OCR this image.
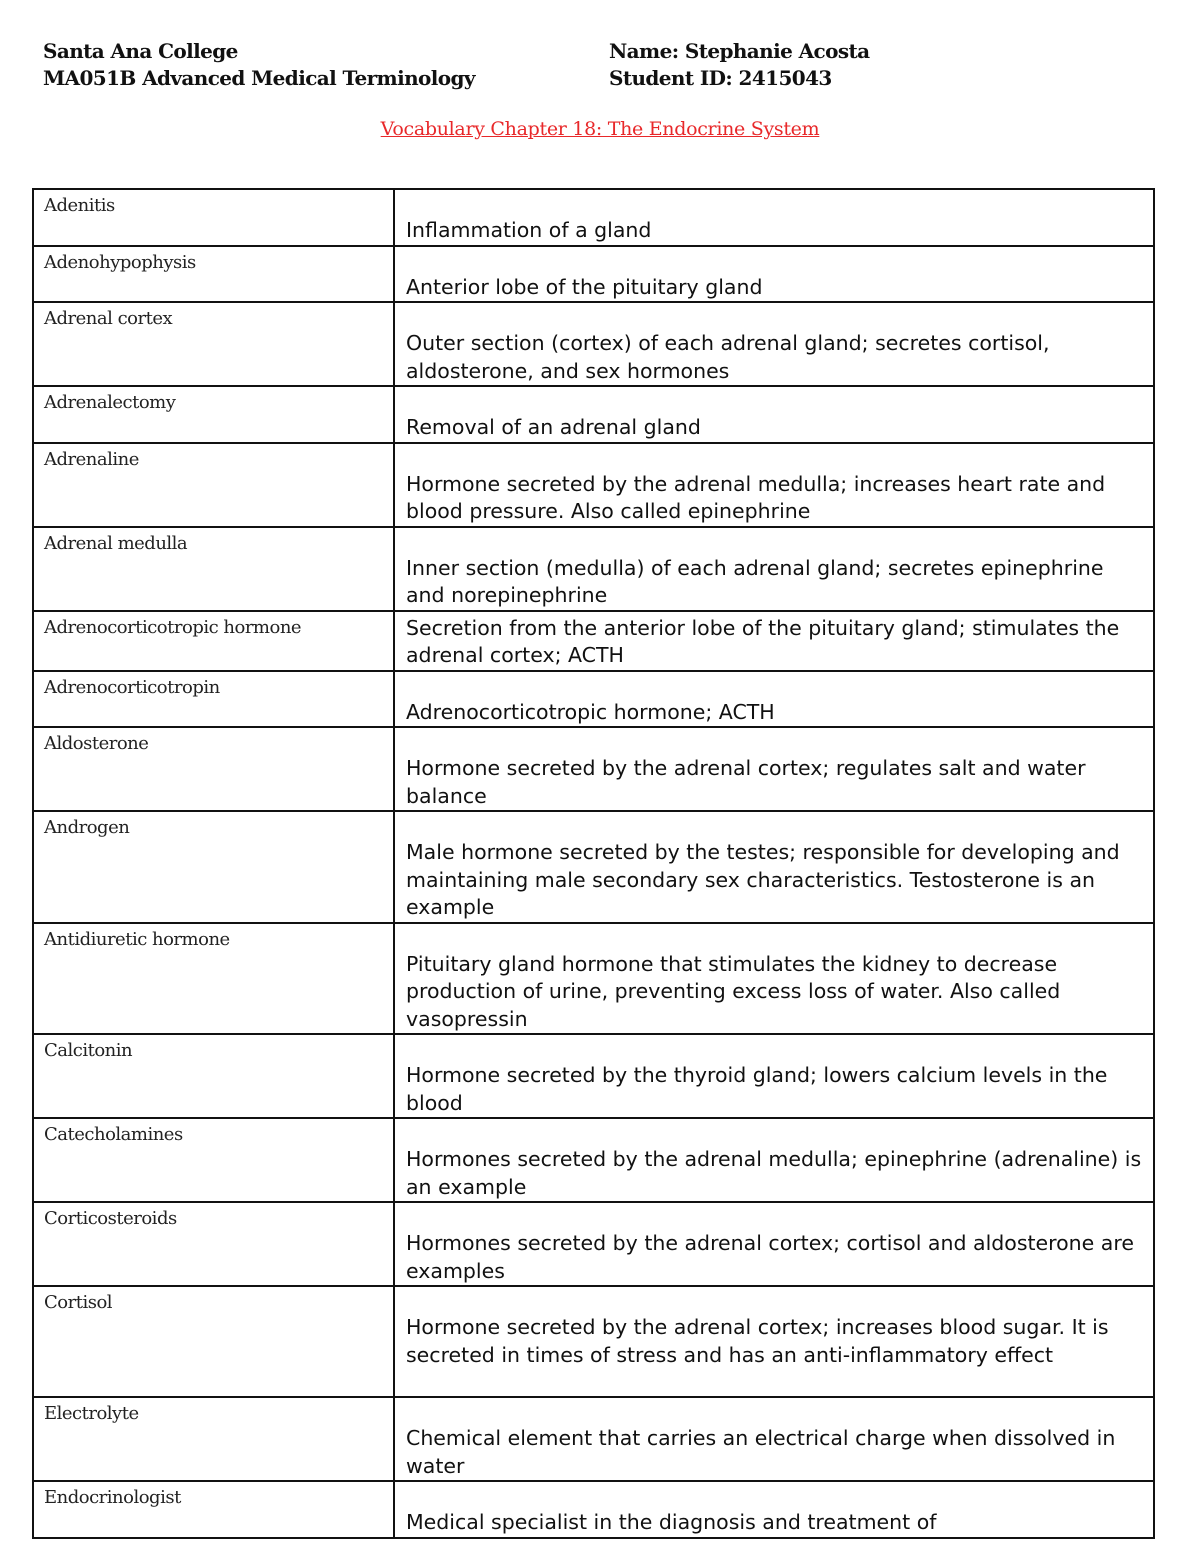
Santa Ana College
MA051B Advanced Medical Terminology
Name: Stephanie Acosta
Student ID: 2415043
Vocabulary Chapter 18: The Endocrine System
Adenitis	Inflammation of a gland
Adenohypophysis	Anterior lobe of the pituitary gland
Adrenal cortex	Outer section (cortex) of each adrenal gland; secretes cortisol, aldosterone, and sex hormones
Adrenalectomy	Removal of an adrenal gland
Adrenaline	Hormone secreted by the adrenal medulla; increases heart rate and blood pressure. Also called epinephrine
Adrenal medulla	Inner section (medulla) of each adrenal gland; secretes epinephrine and norepinephrine
Adrenocorticotropic hormone	Secretion from the anterior lobe of the pituitary gland; stimulates the adrenal cortex; ACTH
Adrenocorticotropin	Adrenocorticotropic hormone; ACTH
Aldosterone	Hormone secreted by the adrenal cortex; regulates salt and water balance
Androgen	Male hormone secreted by the testes; responsible for developing and maintaining male secondary sex characteristics. Testosterone is an example
Antidiuretic hormone	Pituitary gland hormone that stimulates the kidney to decrease production of urine, preventing excess loss of water. Also called vasopressin
Calcitonin	Hormone secreted by the thyroid gland; lowers calcium levels in the blood
Catecholamines	Hormones secreted by the adrenal medulla; epinephrine (adrenaline) is an example
Corticosteroids	Hormones secreted by the adrenal cortex; cortisol and aldosterone are examples
Cortisol	Hormone secreted by the adrenal cortex; increases blood sugar. It is secreted in times of stress and has an anti-inflammatory effect
Electrolyte	Chemical element that carries an electrical charge when dissolved in water
Endocrinologist	Medical specialist in the diagnosis and treatment of
